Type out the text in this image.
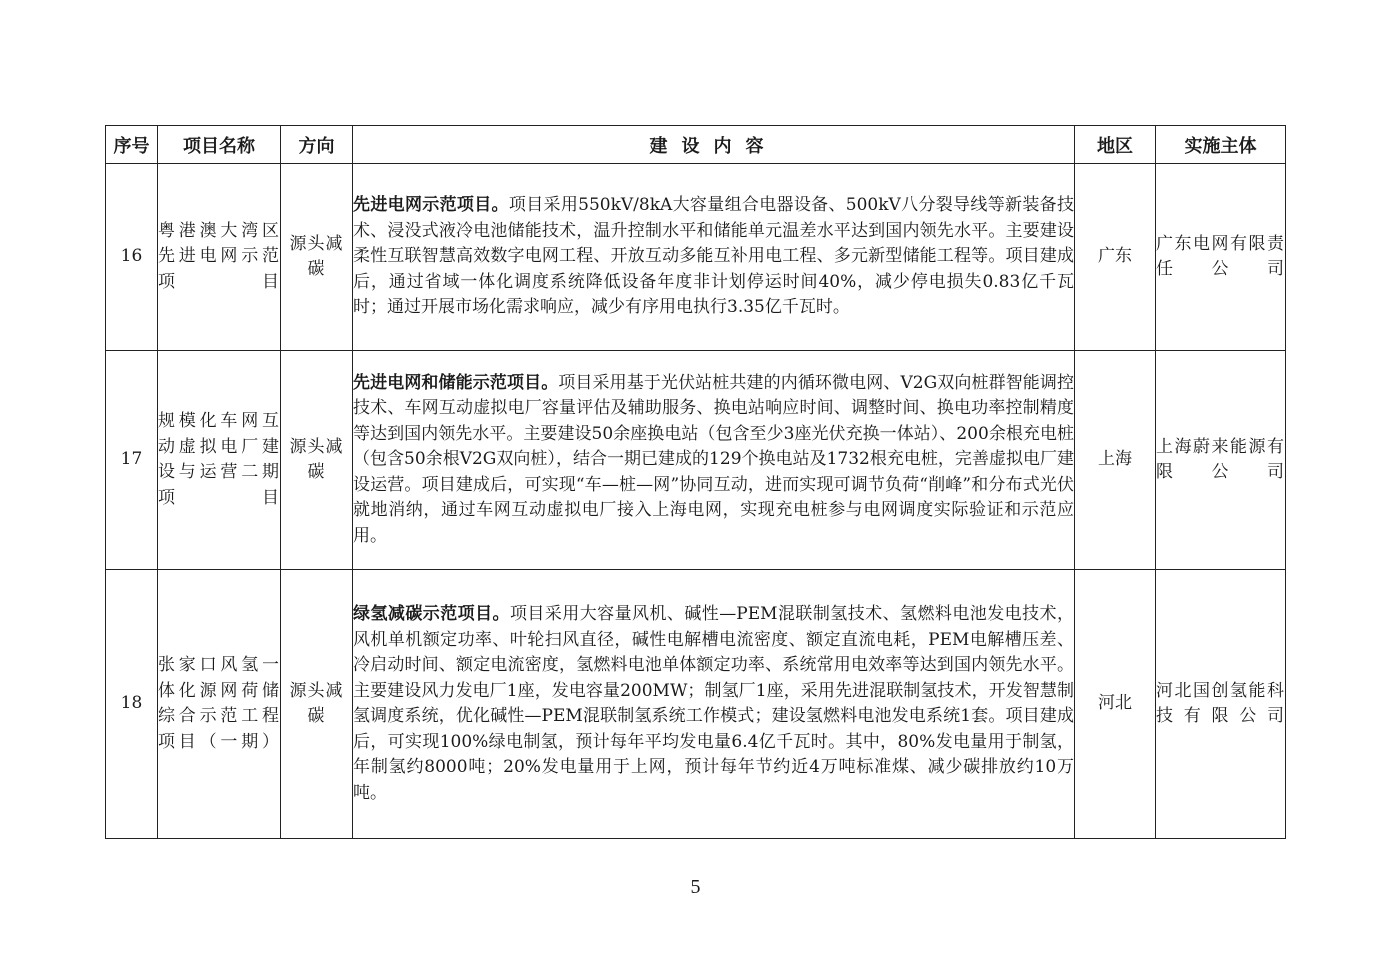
序号	项目名称	方向	建设内容	地区	实施主体
16	粤港澳大湾区先进电网示范项目	源头减碳	先进电网示范项目。项目采用550kV/8kA大容量组合电器设备、500kV八分裂导线等新装备技术、浸没式液冷电池储能技术，温升控制水平和储能单元温差水平达到国内领先水平。主要建设柔性互联智慧高效数字电网工程、开放互动多能互补用电工程、多元新型储能工程等。项目建成后，通过省域一体化调度系统降低设备年度非计划停运时间40%，减少停电损失0.83亿千瓦时；通过开展市场化需求响应，减少有序用电执行3.35亿千瓦时。	广东	广东电网有限责任公司
17	规模化车网互动虚拟电厂建设与运营二期项目	源头减碳	先进电网和储能示范项目。项目采用基于光伏站桩共建的内循环微电网、V2G双向桩群智能调控技术、车网互动虚拟电厂容量评估及辅助服务、换电站响应时间、调整时间、换电功率控制精度等达到国内领先水平。主要建设50余座换电站（包含至少3座光伏充换一体站）、200余根充电桩（包含50余根V2G双向桩），结合一期已建成的129个换电站及1732根充电桩，完善虚拟电厂建设运营。项目建成后，可实现“车—桩—网”协同互动，进而实现可调节负荷“削峰”和分布式光伏就地消纳，通过车网互动虚拟电厂接入上海电网，实现充电桩参与电网调度实际验证和示范应用。	上海	上海蔚来能源有限公司
18	张家口风氢一体化源网荷储综合示范工程项目（一期）	源头减碳	绿氢减碳示范项目。项目采用大容量风机、碱性—PEM混联制氢技术、氢燃料电池发电技术，风机单机额定功率、叶轮扫风直径，碱性电解槽电流密度、额定直流电耗，PEM电解槽压差、冷启动时间、额定电流密度，氢燃料电池单体额定功率、系统常用电效率等达到国内领先水平。主要建设风力发电厂1座，发电容量200MW；制氢厂1座，采用先进混联制氢技术，开发智慧制氢调度系统，优化碱性—PEM混联制氢系统工作模式；建设氢燃料电池发电系统1套。项目建成后，可实现100%绿电制氢，预计每年平均发电量6.4亿千瓦时。其中，80%发电量用于制氢，年制氢约8000吨；20%发电量用于上网，预计每年节约近4万吨标准煤、减少碳排放约10万吨。	河北	河北国创氢能科技有限公司
5
